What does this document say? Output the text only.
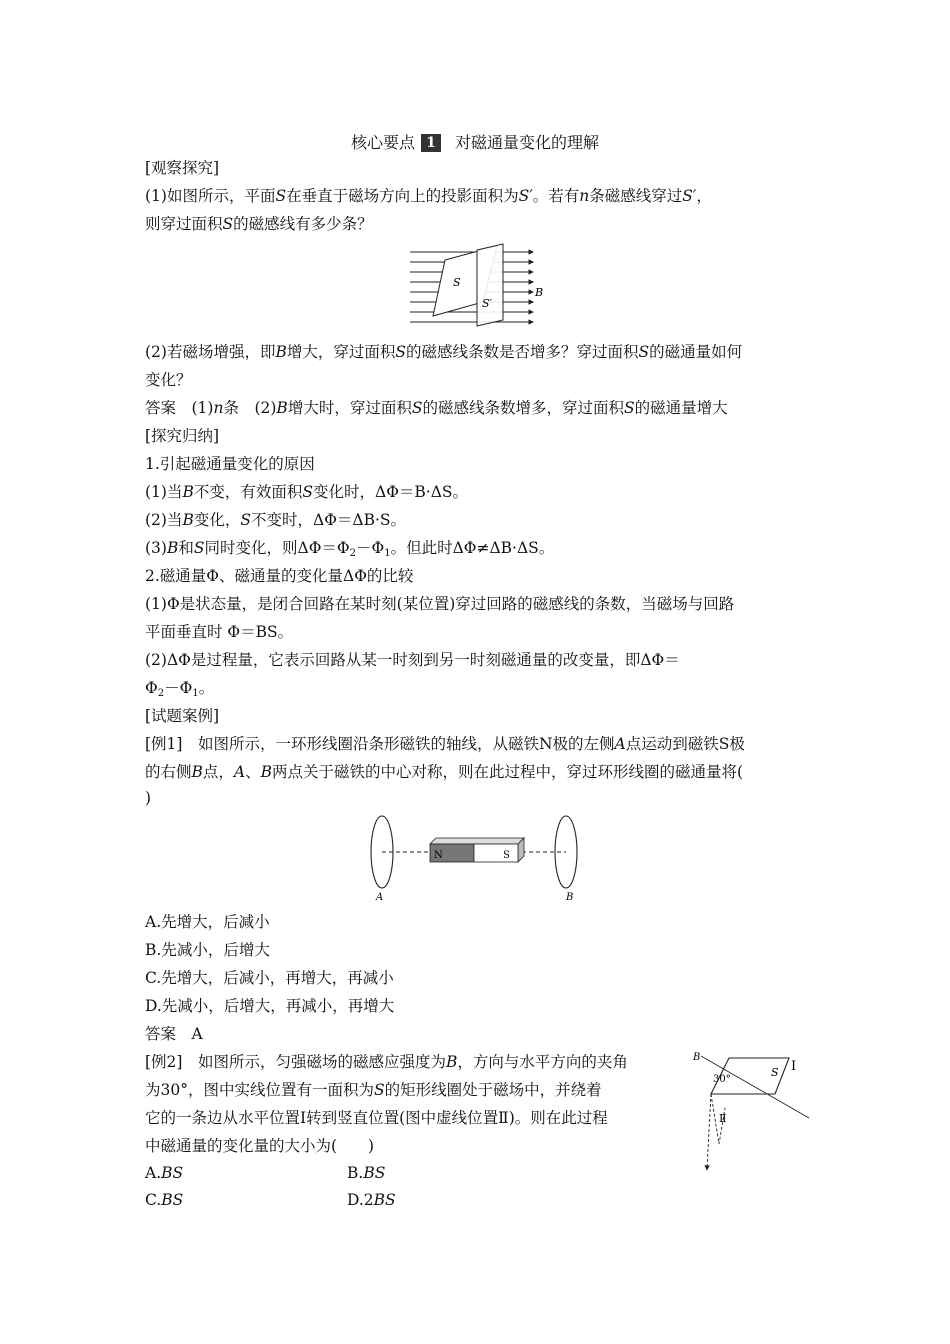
核心要点 1 对磁通量变化的理解
[观察探究]
(1)如图所示，平面S在垂直于磁场方向上的投影面积为S′。若有n条磁感线穿过S′，
则穿过面积S的磁感线有多少条？
(2)若磁场增强，即B增大，穿过面积S的磁感线条数是否增多？穿过面积S的磁通量如何
变化？
答案　(1)n条　(2)B增大时，穿过面积S的磁感线条数增多，穿过面积S的磁通量增大
[探究归纳]
1.引起磁通量变化的原因
(1)当B不变，有效面积S变化时，ΔΦ＝B·ΔS。
(2)当B变化，S不变时，ΔΦ＝ΔB·S。
(3)B和S同时变化，则$\Delta\Phi=\Phi_2-\Phi_1$。但此时ΔΦ≠ΔB·ΔS。
2.磁通量Φ、磁通量的变化量ΔΦ的比较
(1)Φ是状态量，是闭合回路在某时刻(某位置)穿过回路的磁感线的条数，当磁场与回路
平面垂直时 Φ＝BS。
(2)ΔΦ是过程量，它表示回路从某一时刻到另一时刻磁通量的改变量，即ΔΦ＝
$\Phi_2-\Phi_1$。
[试题案例]
[例1]　如图所示，一环形线圈沿条形磁铁的轴线，从磁铁N极的左侧A点运动到磁铁S极
的右侧B点，A、B两点关于磁铁的中心对称，则在此过程中，穿过环形线圈的磁通量将(
)
A.先增大，后减小
B.先减小，后增大
C.先增大，后减小，再增大，再减小
D.先减小，后增大，再减小，再增大
答案　A
[例2]　如图所示，匀强磁场的磁感应强度为B，方向与水平方向的夹角
为30°，图中实线位置有一面积为S的矩形线圈处于磁场中，并绕着
它的一条边从水平位置Ⅰ转到竖直位置(图中虚线位置Ⅱ)。则在此过程
中磁通量的变化量的大小为(　　)
A.BS	B.BS
C.BS	D.2BS
S
S′
B
N	S
A	B
B
30°
S Ⅰ
Ⅱ
